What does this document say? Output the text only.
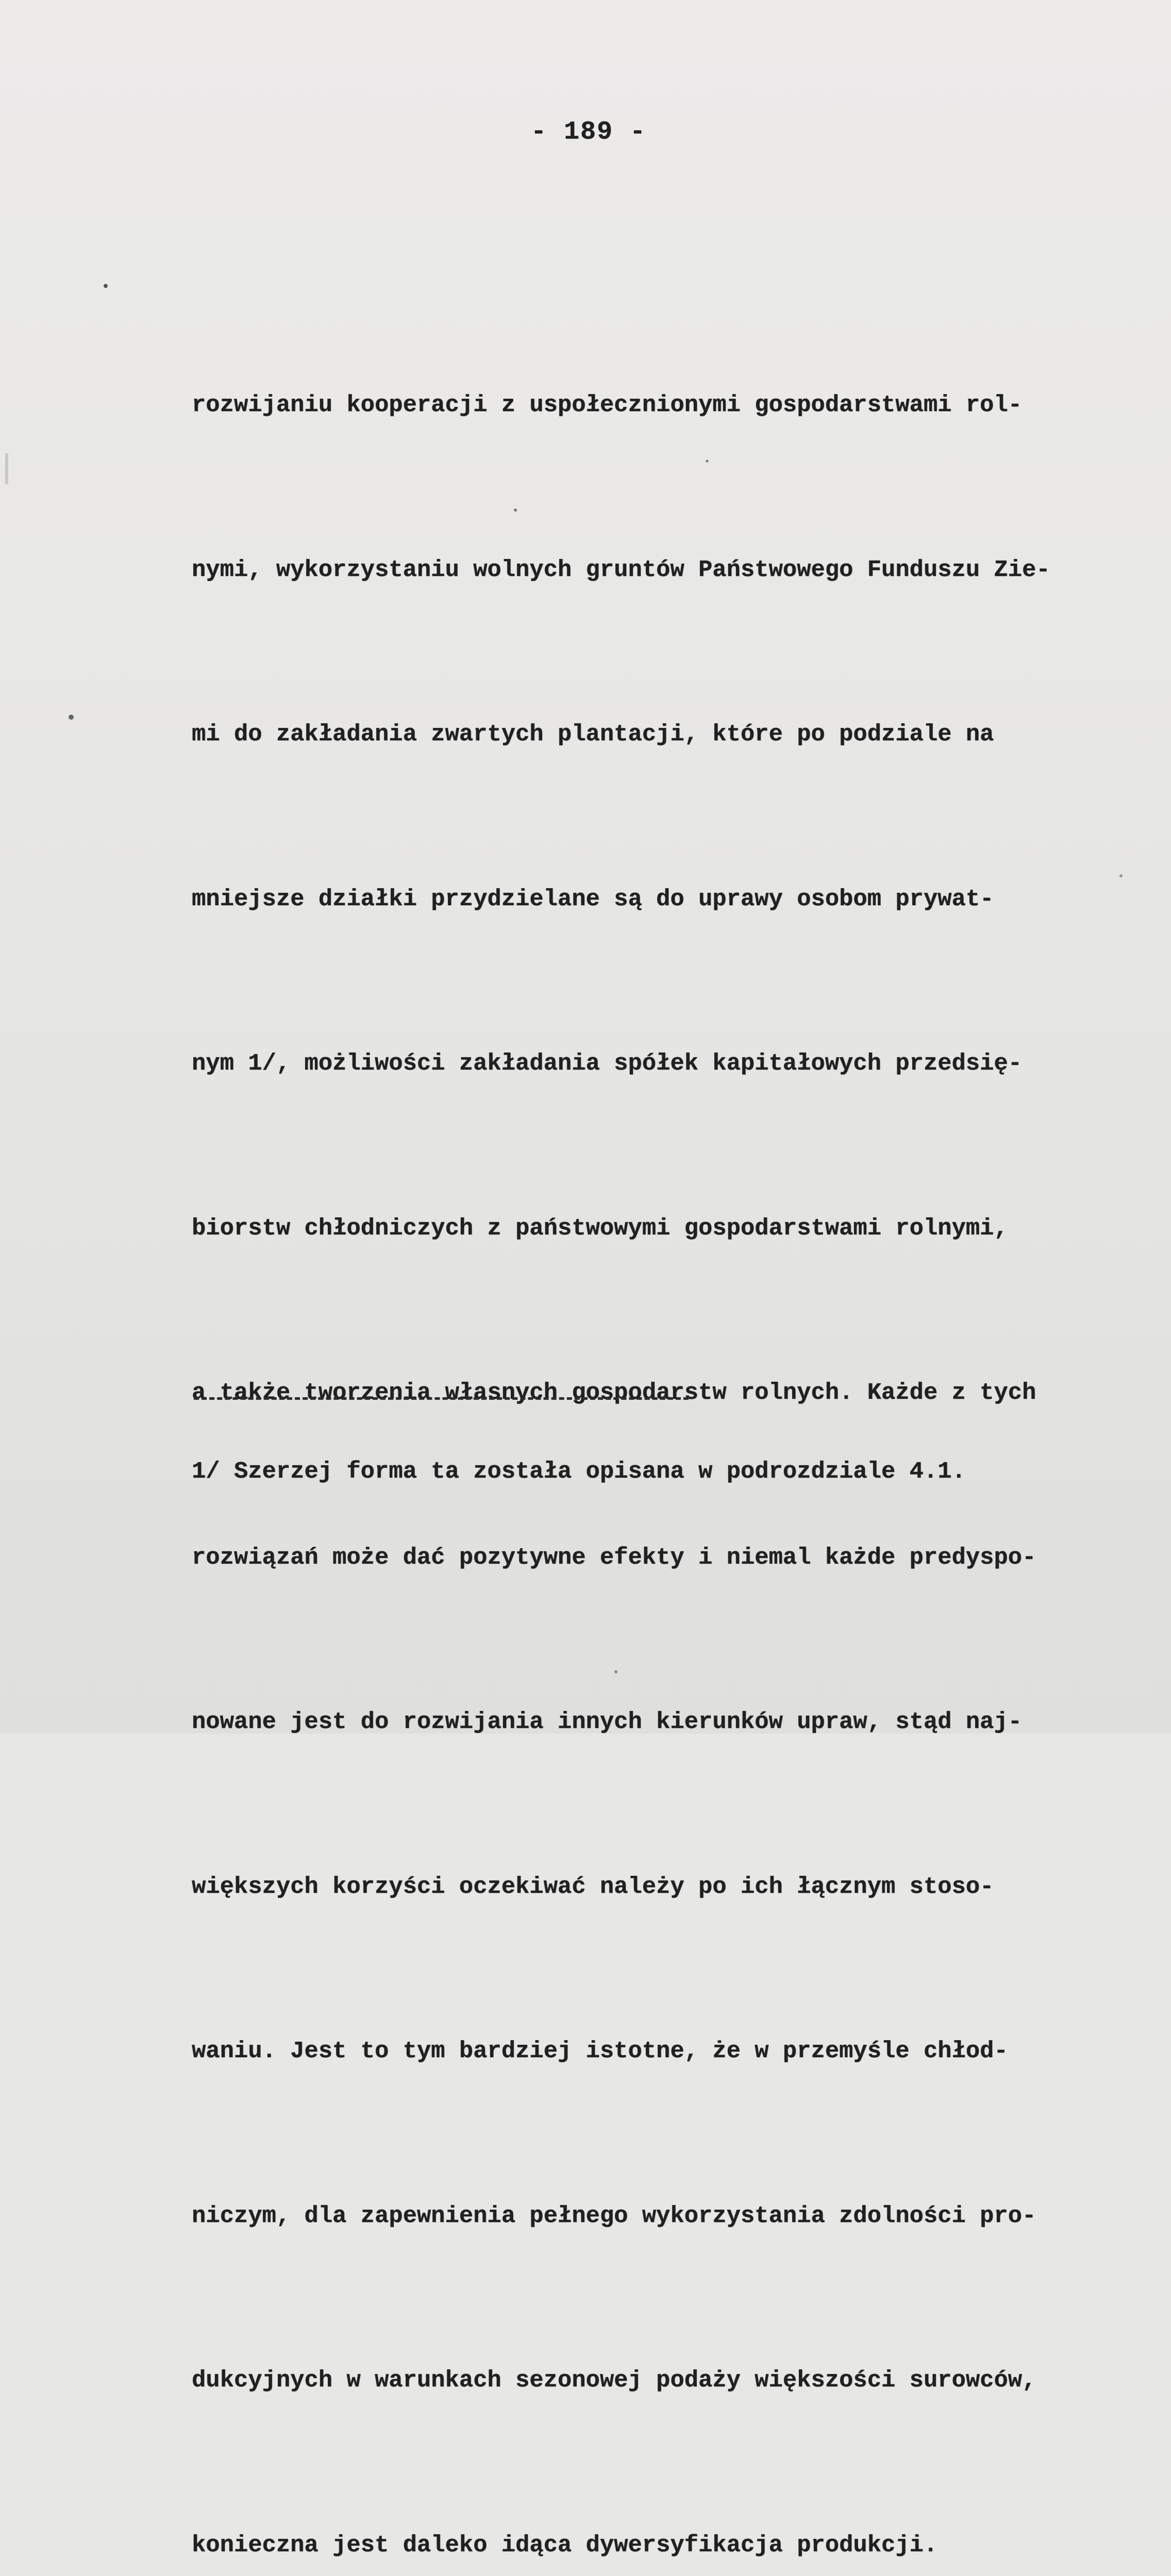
- 189 -

rozwijaniu kooperacji z uspołecznionymi gospodarstwami rol-

nymi, wykorzystaniu wolnych gruntów Państwowego Funduszu Zie-

mi do zakładania zwartych plantacji, które po podziale na

mniejsze działki przydzielane są do uprawy osobom prywat-

nym 1/, możliwości zakładania spółek kapitałowych przedsię-

biorstw chłodniczych z państwowymi gospodarstwami rolnymi,

a także tworzenia własnych gospodarstw rolnych. Każde z tych

rozwiązań może dać pozytywne efekty i niemal każde predyspo-

nowane jest do rozwijania innych kierunków upraw, stąd naj-

większych korzyści oczekiwać należy po ich łącznym stoso-

waniu. Jest to tym bardziej istotne, że w przemyśle chłod-

niczym, dla zapewnienia pełnego wykorzystania zdolności pro-

dukcyjnych w warunkach sezonowej podaży większości surowców,

konieczna jest daleko idąca dywersyfikacja produkcji.

1/ Szerzej forma ta została opisana w podrozdziale 4.1.
